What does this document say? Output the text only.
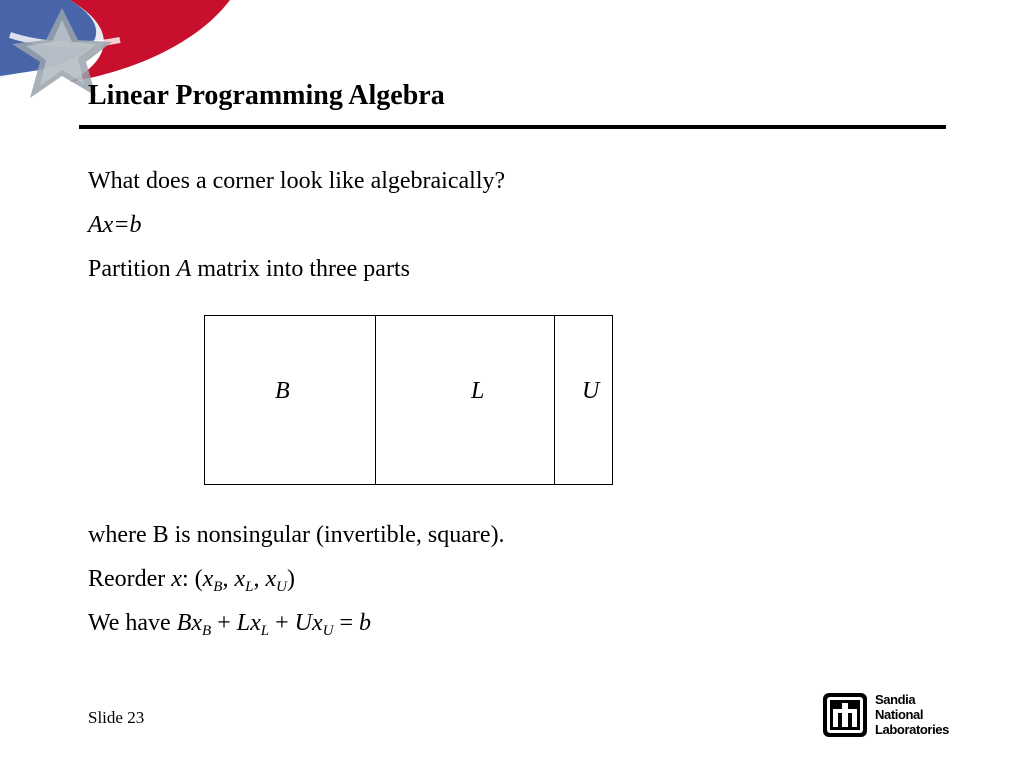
Linear Programming Algebra
What does a corner look like algebraically?
Ax=b
Partition A matrix into three parts
B	L	U
where B is nonsingular (invertible, square).
Reorder x: ($x_B$, $x_L$, $x_U$)
We have $Bx_B + Lx_L + Ux_U = b$
Slide 23
Sandia
National
Laboratories
